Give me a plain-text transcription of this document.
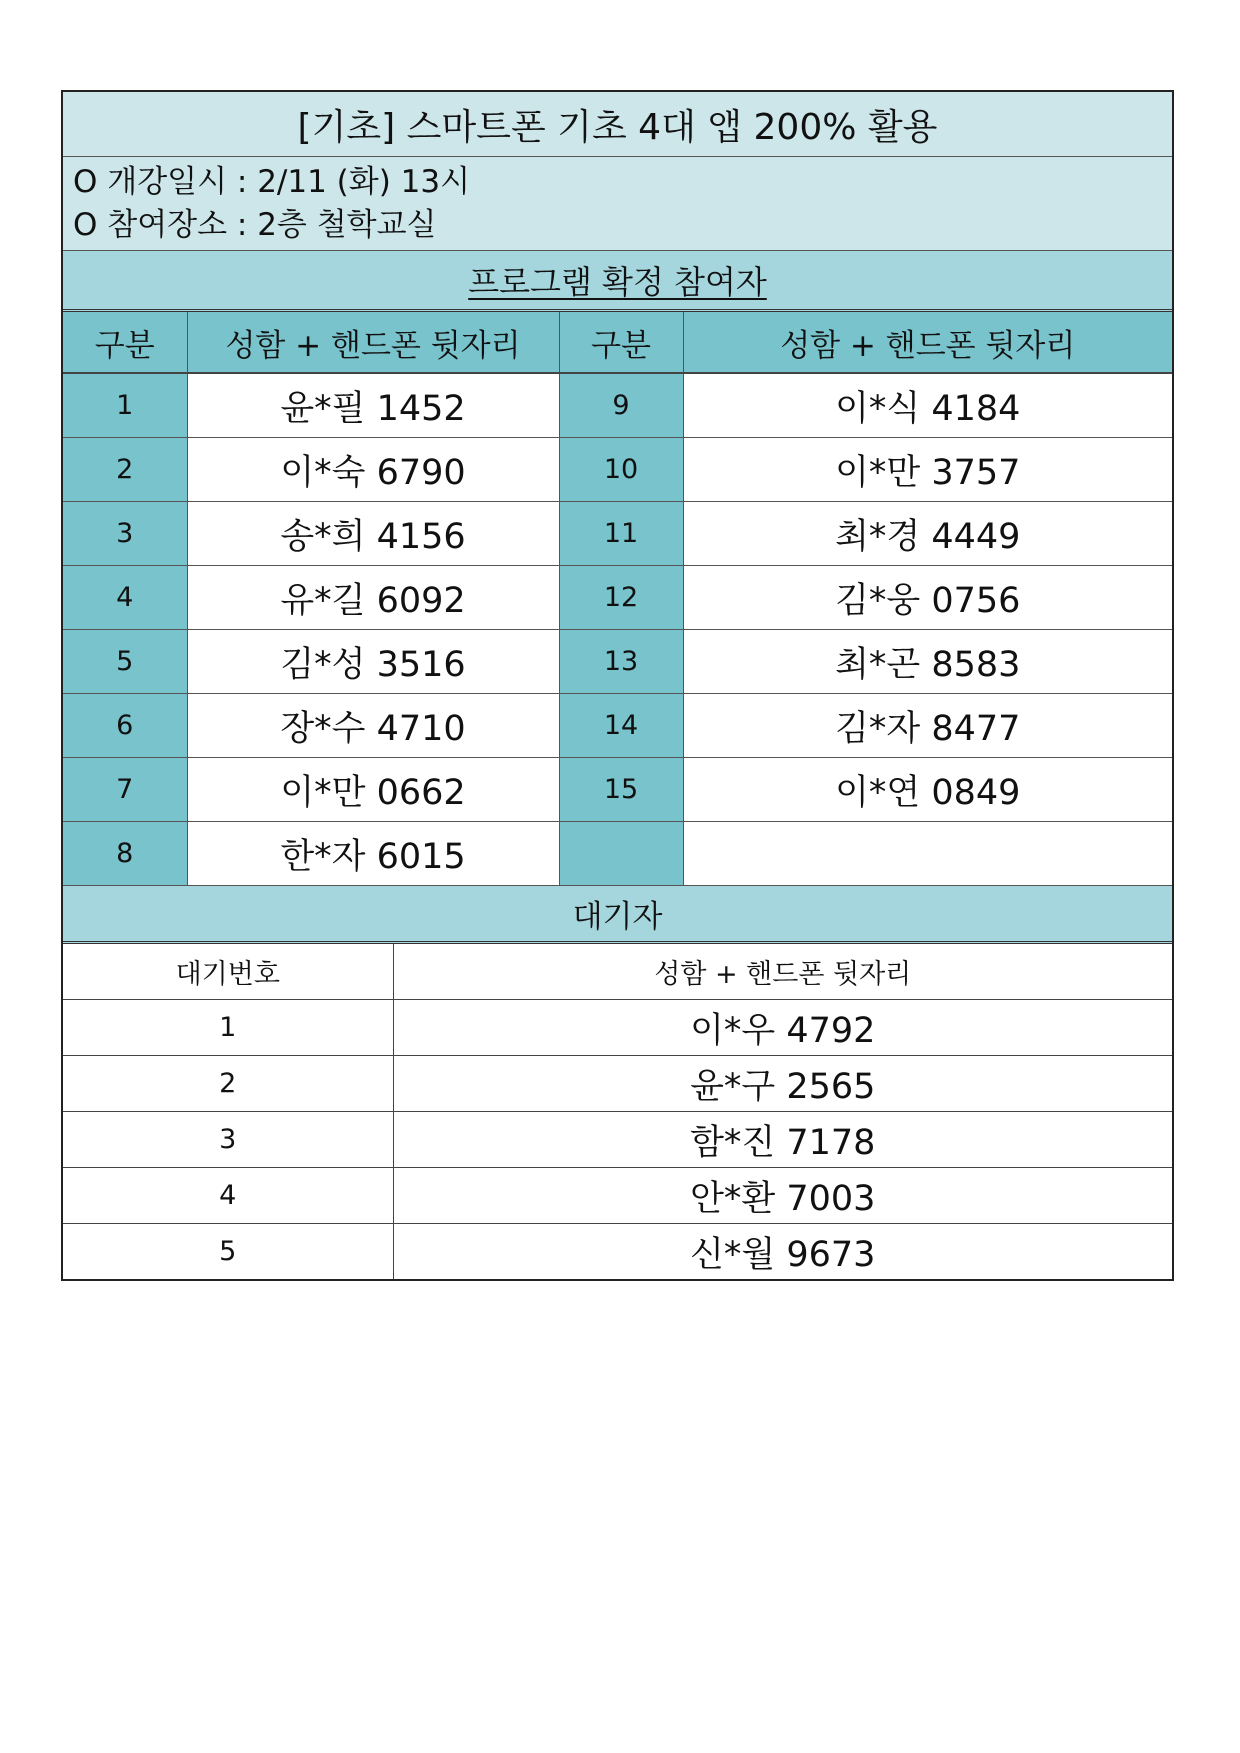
[기초] 스마트폰 기초 4대 앱 200% 활용
O 개강일시 : 2/11 (화) 13시
O 참여장소 : 2층 철학교실
프로그램 확정 참여자
구분	성함 + 핸드폰 뒷자리	구분	성함 + 핸드폰 뒷자리
1	윤*필 1452	9	이*식 4184
2	이*숙 6790	10	이*만 3757
3	송*희 4156	11	최*경 4449
4	유*길 6092	12	김*웅 0756
5	김*성 3516	13	최*곤 8583
6	장*수 4710	14	김*자 8477
7	이*만 0662	15	이*연 0849
8	한*자 6015		
대기자
대기번호	성함 + 핸드폰 뒷자리
1	이*우 4792
2	윤*구 2565
3	함*진 7178
4	안*환 7003
5	신*월 9673
